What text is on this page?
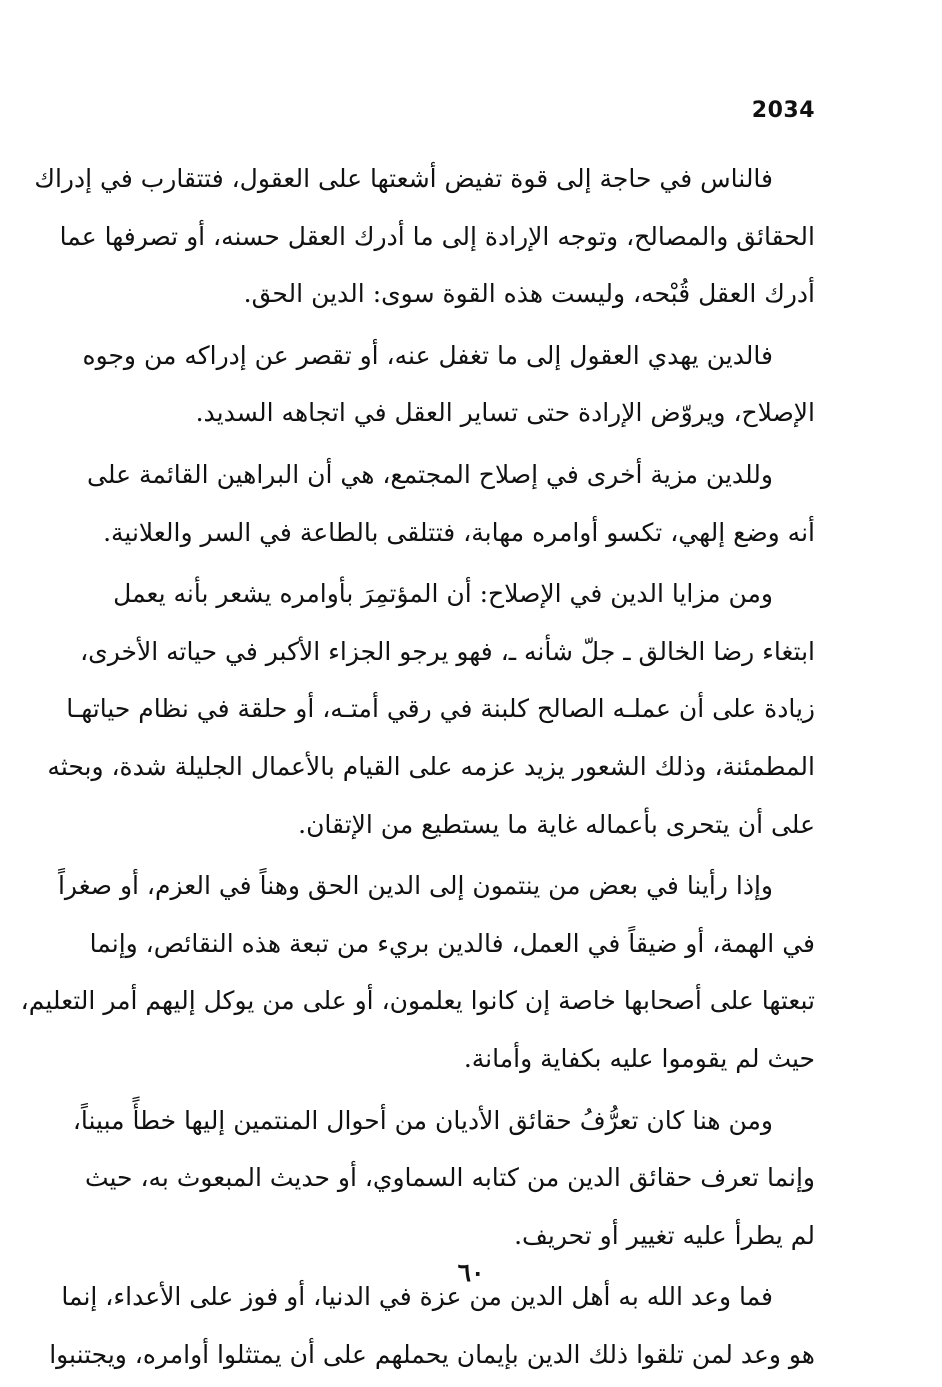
2034
فالناس في حاجة إلى قوة تفيض أشعتها على العقول، فتتقارب في إدراك
الحقائق والمصالح، وتوجه الإرادة إلى ما أدرك العقل حسنه، أو تصرفها عما
أدرك العقل قُبْحه، وليست هذه القوة سوى: الدين الحق.
فالدين يهدي العقول إلى ما تغفل عنه، أو تقصر عن إدراكه من وجوه
الإصلاح، ويروّض الإرادة حتى تساير العقل في اتجاهه السديد.
وللدين مزية أخرى في إصلاح المجتمع، هي أن البراهين القائمة على
أنه وضع إلهي، تكسو أوامره مهابة، فتتلقى بالطاعة في السر والعلانية.
ومن مزايا الدين في الإصلاح: أن المؤتمِرَ بأوامره يشعر بأنه يعمل
ابتغاء رضا الخالق ـ جلّ شأنه ـ، فهو يرجو الجزاء الأكبر في حياته الأخرى،
زيادة على أن عملـه الصالح كلبنة في رقي أمتـه، أو حلقة في نظام حياتهـا
المطمئنة، وذلك الشعور يزيد عزمه على القيام بالأعمال الجليلة شدة، وبحثه
على أن يتحرى بأعماله غاية ما يستطيع من الإتقان.
وإذا رأينا في بعض من ينتمون إلى الدين الحق وهناً في العزم، أو صغراً
في الهمة، أو ضيقاً في العمل، فالدين بريء من تبعة هذه النقائص، وإنما
تبعتها على أصحابها خاصة إن كانوا يعلمون، أو على من يوكل إليهم أمر التعليم،
حيث لم يقوموا عليه بكفاية وأمانة.
ومن هنا كان تعرُّفُ حقائق الأديان من أحوال المنتمين إليها خطأً مبيناً،
وإنما تعرف حقائق الدين من كتابه السماوي، أو حديث المبعوث به، حيث
لم يطرأ عليه تغيير أو تحريف.
فما وعد الله به أهل الدين من عزة في الدنيا، أو فوز على الأعداء، إنما
هو وعد لمن تلقوا ذلك الدين بإيمان يحملهم على أن يمتثلوا أوامره، ويجتنبوا
٦٠
